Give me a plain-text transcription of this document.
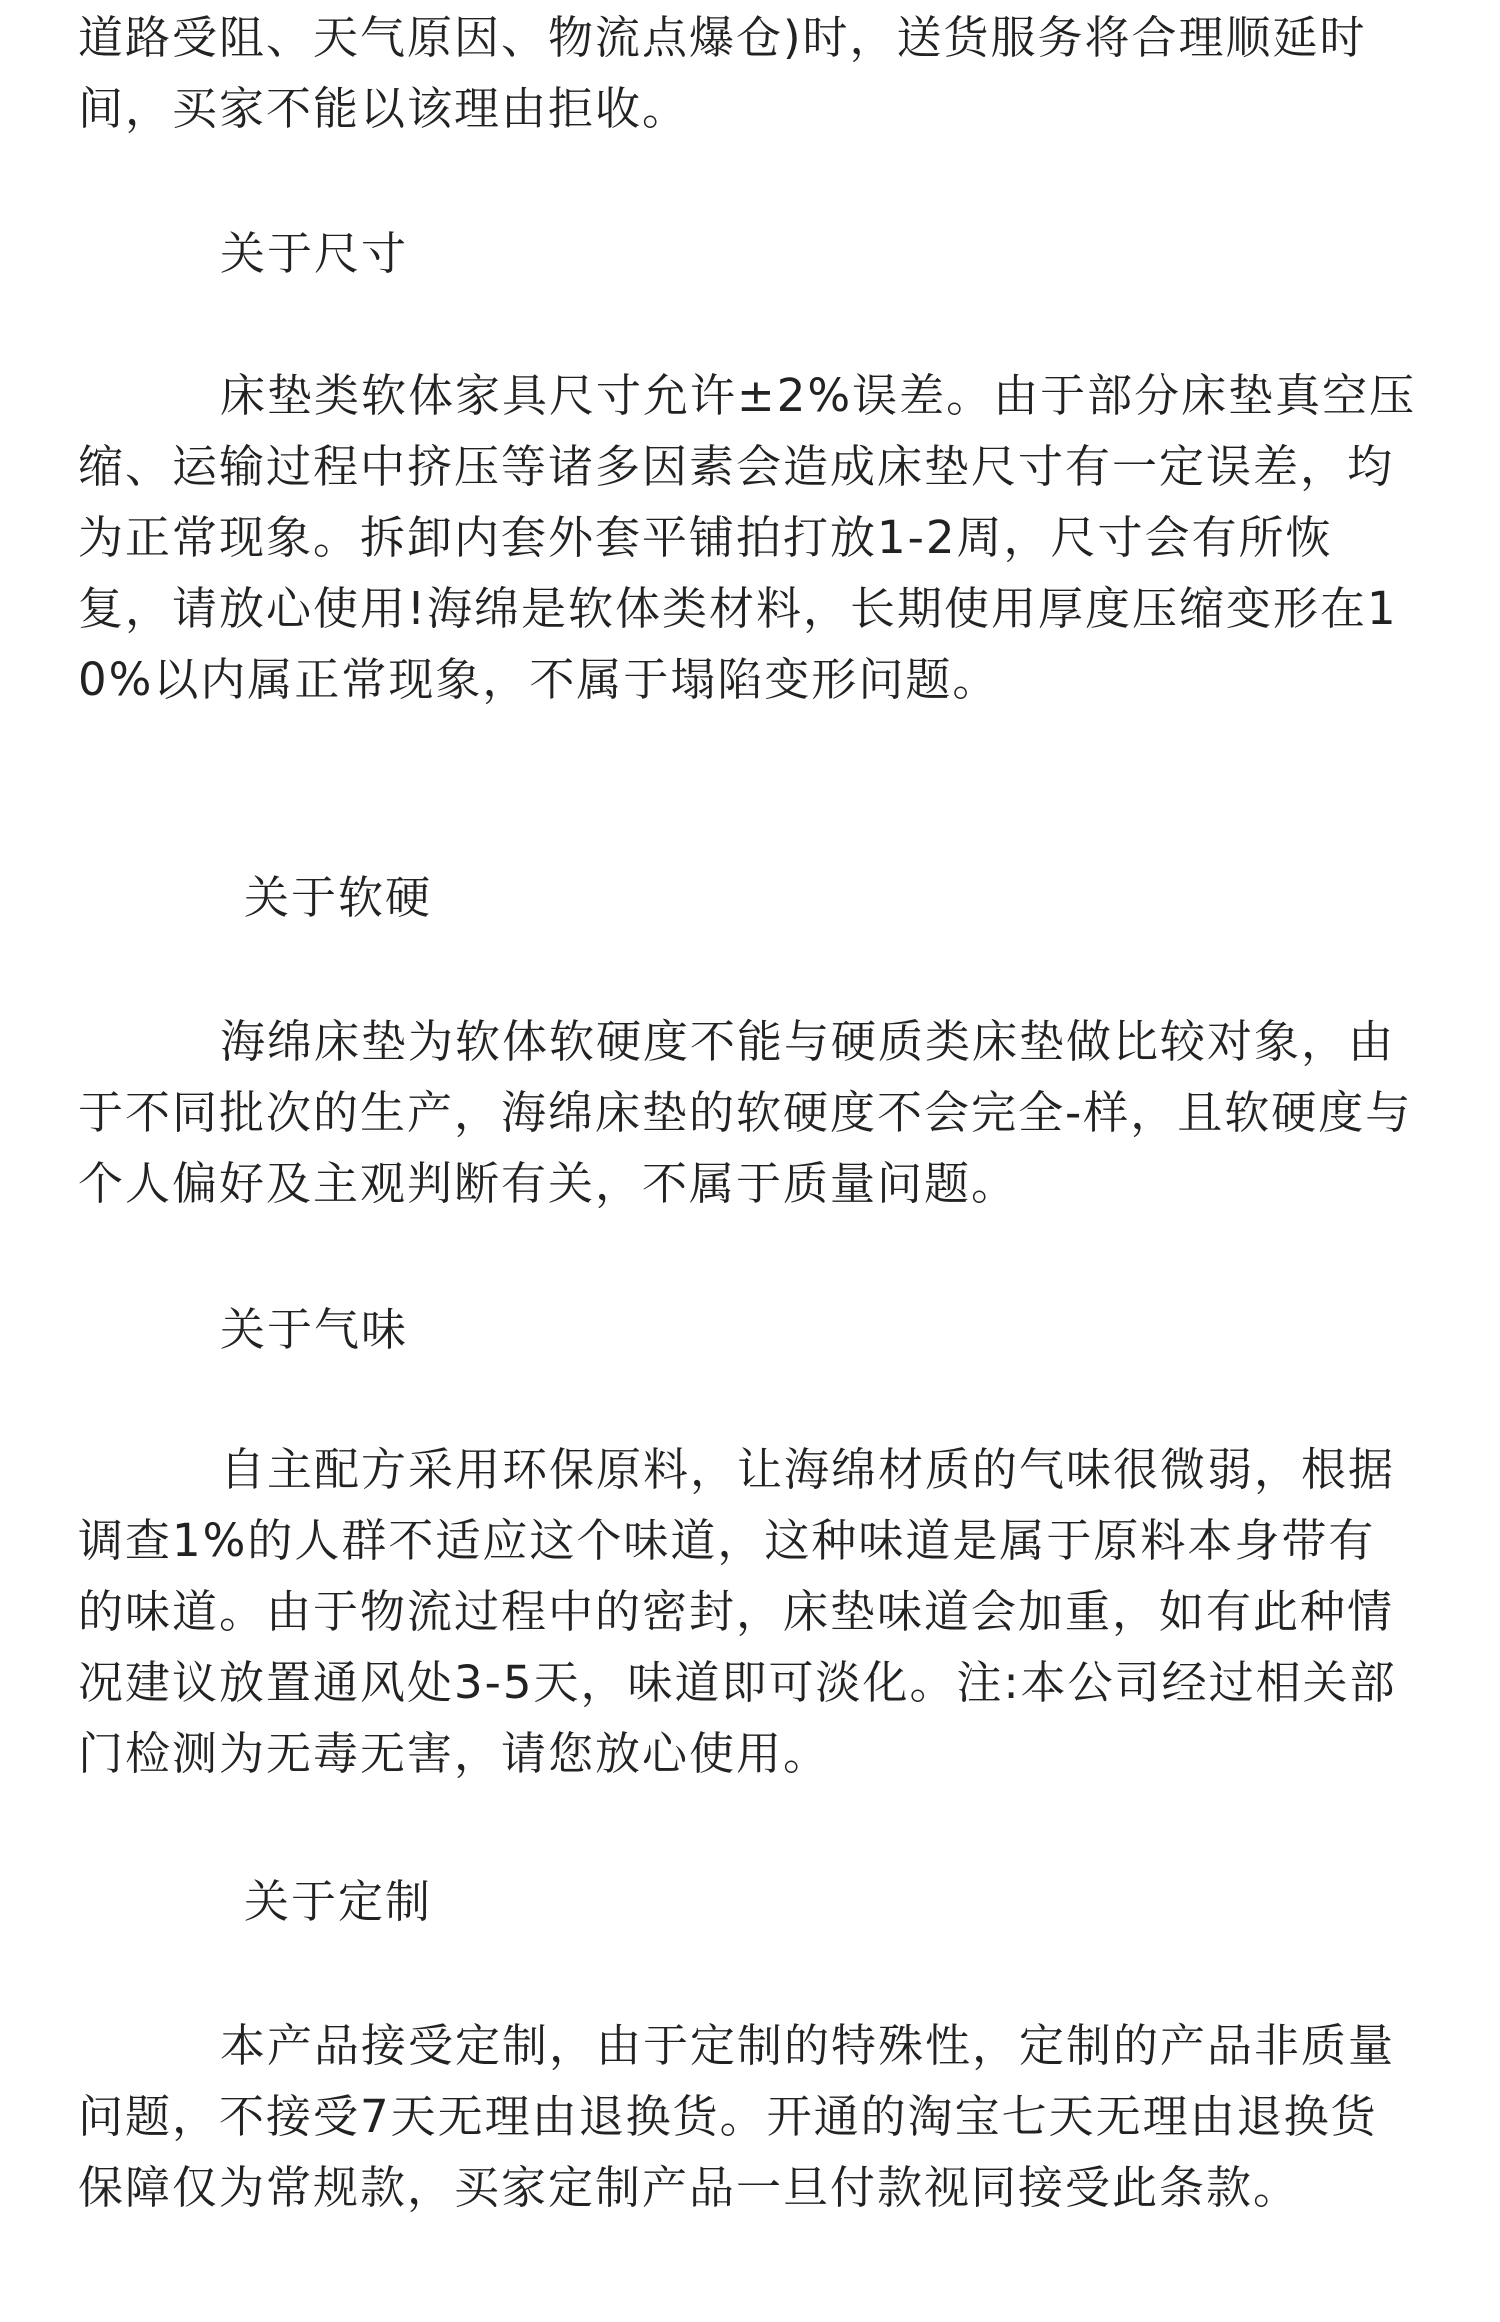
道路受阻、天气原因、物流点爆仓)时，送货服务将合理顺延时间，买家不能以该理由拒收。
关于尺寸
床垫类软体家具尺寸允许±2%误差。由于部分床垫真空压缩、运输过程中挤压等诸多因素会造成床垫尺寸有一定误差，均为正常现象。拆卸内套外套平铺拍打放1-2周，尺寸会有所恢复，请放心使用!海绵是软体类材料，长期使用厚度压缩变形在10%以内属正常现象，不属于塌陷变形问题。
关于软硬
海绵床垫为软体软硬度不能与硬质类床垫做比较对象，由于不同批次的生产，海绵床垫的软硬度不会完全-样，且软硬度与个人偏好及主观判断有关，不属于质量问题。
关于气味
自主配方采用环保原料，让海绵材质的气味很微弱，根据调查1%的人群不适应这个味道，这种味道是属于原料本身带有的味道。由于物流过程中的密封，床垫味道会加重，如有此种情况建议放置通风处3-5天，味道即可淡化。注:本公司经过相关部门检测为无毒无害，请您放心使用。
关于定制
本产品接受定制，由于定制的特殊性，定制的产品非质量问题，不接受7天无理由退换货。开通的淘宝七天无理由退换货保障仅为常规款，买家定制产品一旦付款视同接受此条款。
